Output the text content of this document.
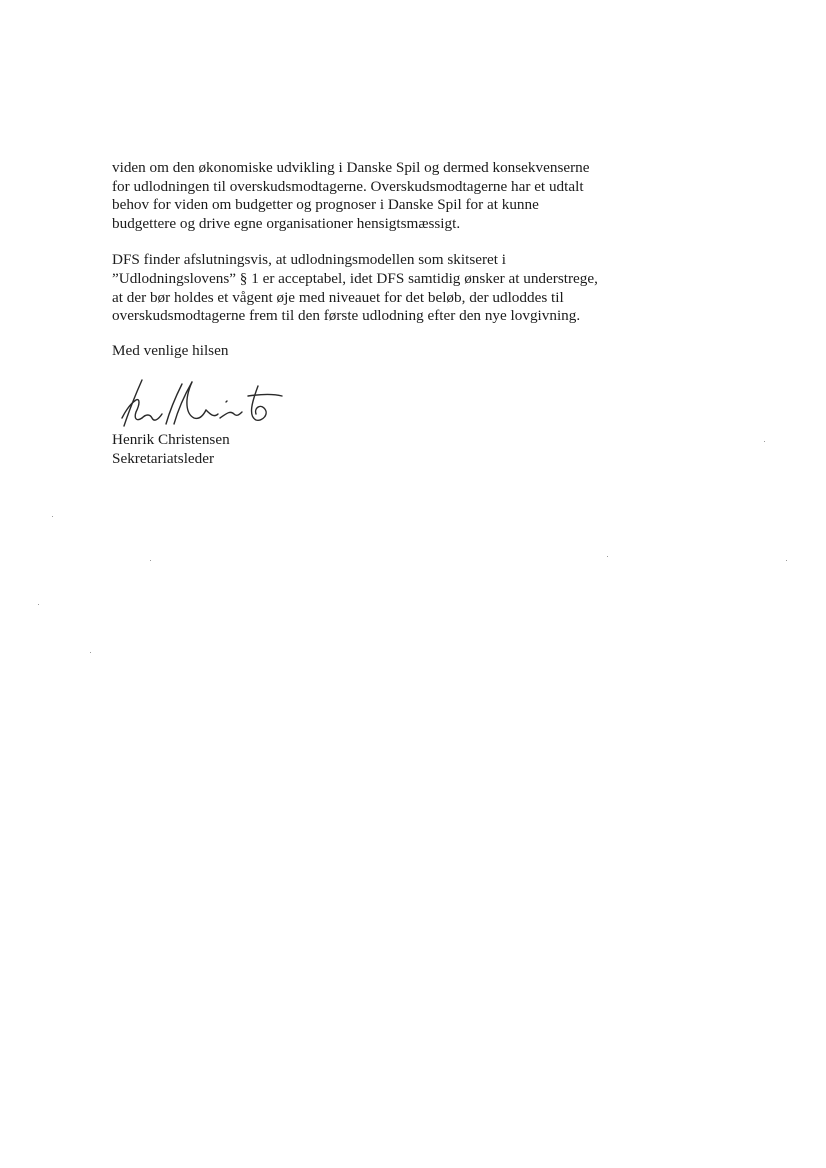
viden om den økonomiske udvikling i Danske Spil og dermed konsekvenserne
for udlodningen til overskudsmodtagerne. Overskudsmodtagerne har et udtalt
behov for viden om budgetter og prognoser i Danske Spil for at kunne
budgettere og drive egne organisationer hensigtsmæssigt.

DFS finder afslutningsvis, at udlodningsmodellen som skitseret i
”Udlodningslovens” § 1 er acceptabel, idet DFS samtidig ønsker at understrege,
at der bør holdes et vågent øje med niveauet for det beløb, der udloddes til
overskudsmodtagerne frem til den første udlodning efter den nye lovgivning.

Med venlige hilsen
Henrik Christensen
Sekretariatsleder
